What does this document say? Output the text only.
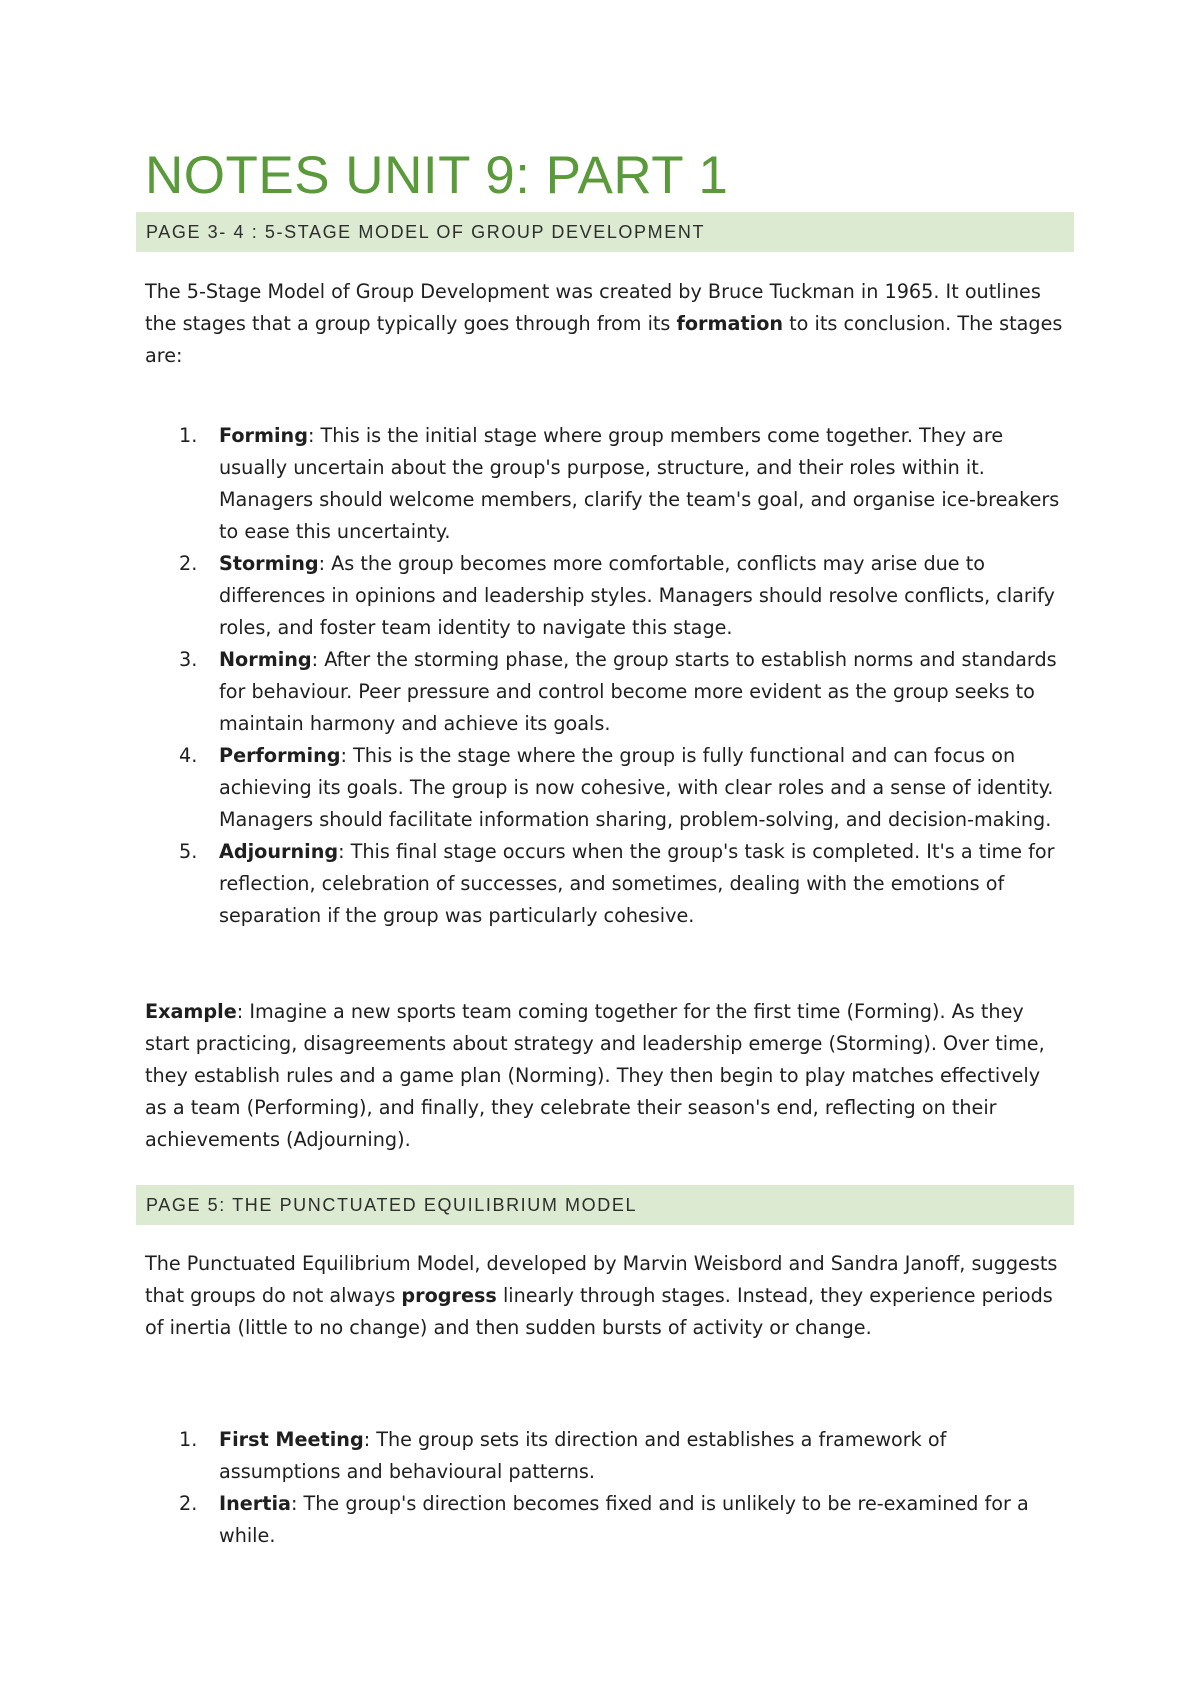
NOTES UNIT 9: PART 1
PAGE 3- 4 : 5-STAGE MODEL OF GROUP DEVELOPMENT

The 5-Stage Model of Group Development was created by Bruce Tuckman in 1965. It outlines the stages that a group typically goes through from its formation to its conclusion. The stages are:

1. Forming: This is the initial stage where group members come together. They are usually uncertain about the group's purpose, structure, and their roles within it. Managers should welcome members, clarify the team's goal, and organise ice-breakers to ease this uncertainty.
2. Storming: As the group becomes more comfortable, conflicts may arise due to differences in opinions and leadership styles. Managers should resolve conflicts, clarify roles, and foster team identity to navigate this stage.
3. Norming: After the storming phase, the group starts to establish norms and standards for behaviour. Peer pressure and control become more evident as the group seeks to maintain harmony and achieve its goals.
4. Performing: This is the stage where the group is fully functional and can focus on achieving its goals. The group is now cohesive, with clear roles and a sense of identity. Managers should facilitate information sharing, problem-solving, and decision-making.
5. Adjourning: This final stage occurs when the group's task is completed. It's a time for reflection, celebration of successes, and sometimes, dealing with the emotions of separation if the group was particularly cohesive.

Example: Imagine a new sports team coming together for the first time (Forming). As they start practicing, disagreements about strategy and leadership emerge (Storming). Over time, they establish rules and a game plan (Norming). They then begin to play matches effectively as a team (Performing), and finally, they celebrate their season's end, reflecting on their achievements (Adjourning).

PAGE 5: THE PUNCTUATED EQUILIBRIUM MODEL

The Punctuated Equilibrium Model, developed by Marvin Weisbord and Sandra Janoff, suggests that groups do not always progress linearly through stages. Instead, they experience periods of inertia (little to no change) and then sudden bursts of activity or change.

1. First Meeting: The group sets its direction and establishes a framework of assumptions and behavioural patterns.
2. Inertia: The group's direction becomes fixed and is unlikely to be re-examined for a while.
